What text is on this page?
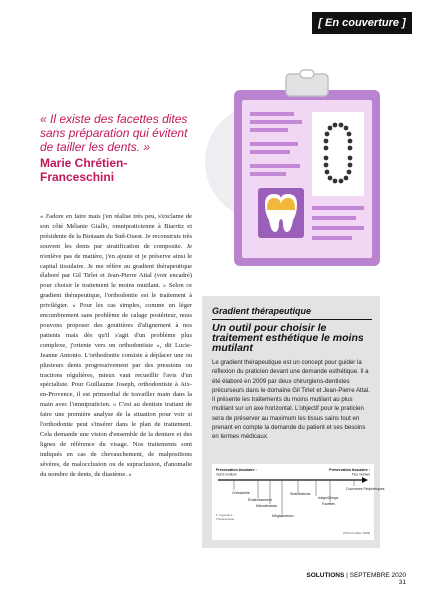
[ En couverture ]

« Il existe des facettes dites sans préparation qui évitent de tailler les dents. »

Marie Chrétien-Franceschini

« J'adore en faire mais j'en réalise très peu, s'exclame de son côté Mélanie Giallo, omnipraticienne à Biarritz et présidente de la Biotaam du Sud-Ouest. Je reconstruis très souvent les dents par stratification de composite. Je n'enlève pas de matière, j'en ajoute et je préserve ainsi le capital tissulaire. Je me réfère au gradient thérapeutique élaboré par Gil Tirlet et Jean-Pierre Attal (voir encadré) pour choisir le traitement le moins mutilant. » Selon ce gradient thérapeutique, l'orthodontie est le traitement à privilégier. « Pour les cas simples, comme un léger encombrement sans problème de calage postérieur, nous pouvons proposer des gouttières d'alignement à nos patients mais dès qu'il s'agit d'un problème plus complexe, j'oriente vers un orthodontiste », dit Lucie-Jeanne Antonio. L'orthodontie consiste à déplacer une ou plusieurs dents progressivement par des pressions ou tractions régulières, mieux vaut recueillir l'avis d'un spécialiste. Pour Guillaume Joseph, orthodontiste à Aix-en-Provence, il est primordial de travailler main dans la main avec l'omnipraticien. « C'est au dentiste traitant de faire une première analyse de la situation pour voir si l'orthodontie peut s'insérer dans le plan de traitement. Cela demande une vision d'ensemble de la denture et des lignes de référence du visage. Nos traitements sont indiqués en cas de chevauchement, de malpositions sévères, de malocclusion ou de supraclusion, d'anomalie du nombre de dents, de diastème. »

Gradient thérapeutique
Un outil pour choisir le traitement esthétique le moins mutilant
Le gradient thérapeutique est un concept pour guider la réflexion du praticien devant une demande esthétique. Il a été élaboré en 2009 par deux chirurgiens-dentistes précurseurs dans le domaine Gil Tirlet et Jean-Pierre Attal. Il présente les traitements du moins mutilant au plus mutilant sur un axe horizontal. L'objectif pour le praticien sera de préserver au maximum les tissus sains tout en prenant en compte la demande du patient et ses besoins en termes médicaux.
Préservation tissulaire :
moins mutilant
Préservation tissulaire :
Plus mutilant
Orthodontie
Éclaircissement
Microabrasion
Mégaabrasion
Stratifications
Inlays/Onlays
Facettes
Couronnes Périphériques
1. Légende 1 :
Thérapeutique
(Tirlet et Attal, 2009)
SOLUTIONS | SEPTEMBRE 2020 31
